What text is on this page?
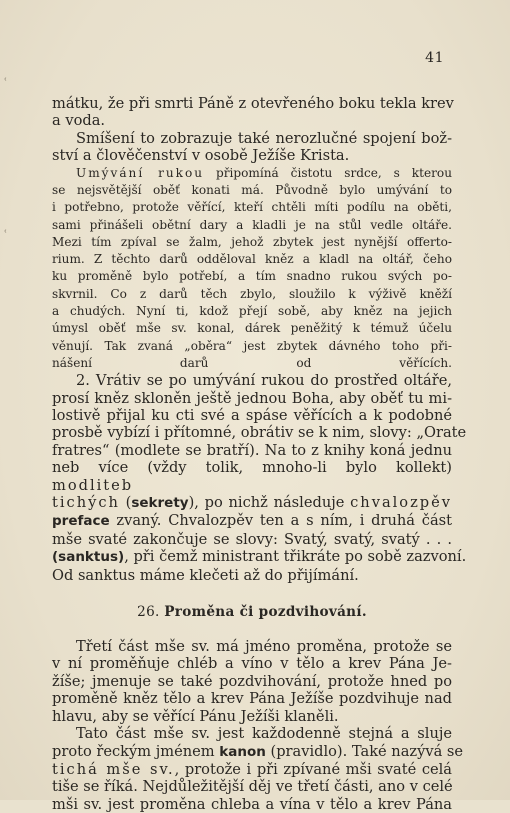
ʿ
ʿ
41
mátku, že při smrti Páně z otevřeného boku tekla krev
a voda.
Smíšení to zobrazuje také nerozlučné spojení bož-
ství a člověčenství v osobě Ježíše Krista.
Umývání rukou připomíná čistotu srdce, s kterou
se nejsvětější oběť konati má. Původně bylo umývání to
i potřebno, protože věřící, kteří chtěli míti podílu na oběti,
sami přinášeli obětní dary a kladli je na stůl vedle oltáře.
Mezi tím zpíval se žalm, jehož zbytek jest nynější offerto-
rium. Z těchto darů odděloval kněz a kladl na oltář, čeho
ku proměně bylo potřebí, a tím snadno rukou svých po-
skvrnil. Co z darů těch zbylo, sloužilo k výživě kněží
a chudých. Nyní ti, kdož přejí sobě, aby kněz na jejich
úmysl oběť mše sv. konal, dárek peněžitý k témuž účelu
věnují. Tak zvaná „oběra“ jest zbytek dávného toho při-
nášení darů od věřících.
2. Vrátiv se po umývání rukou do prostřed oltáře,
prosí kněz skloněn ještě jednou Boha, aby oběť tu mi-
lostivě přijal ku cti své a spáse věřících a k podobné
prosbě vybízí i přítomné, obrátiv se k nim, slovy: „Orate
fratres“ (modlete se bratří). Na to z knihy koná jednu
neb více (vždy tolik, mnoho-li bylo kollekt)
modliteb
tichých (sekrety), po nichž následuje chvalozpěv
preface zvaný. Chvalozpěv ten a s ním, i druhá část
mše svaté zakončuje se slovy: Svatý, svatý, svatý . . .
(sanktus), při čemž ministrant třikráte po sobě zazvoní.
Od sanktus máme klečeti až do přijímání.
26. Proměna či pozdvihování.
Třetí část mše sv. má jméno proměna, protože se
v ní proměňuje chléb a víno v tělo a krev Pána Je-
žíše; jmenuje se také pozdvihování, protože hned po
proměně kněz tělo a krev Pána Ježíše pozdvihuje nad
hlavu, aby se věřící Pánu Ježíši klaněli.
Tato část mše sv. jest každodenně stejná a sluje
proto řeckým jménem kanon (pravidlo). Také nazývá se
tichá mše sv., protože i při zpívané mši svaté celá
tiše se říká. Nejdůležitější děj ve třetí části, ano v celé
mši sv. jest proměna chleba a vína v tělo a krev Pána
